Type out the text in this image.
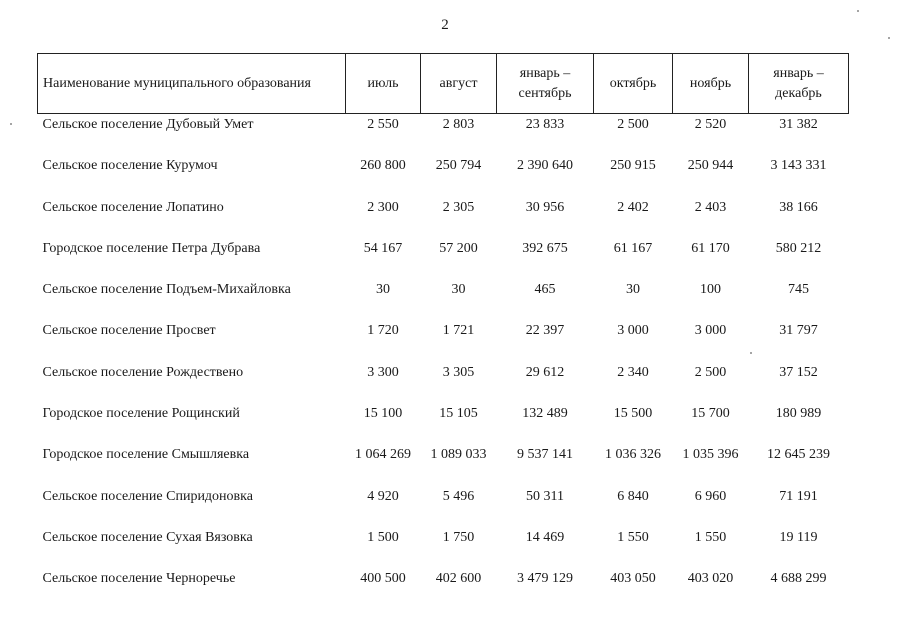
2
Наименование муниципального образования	июль	август	январь – сентябрь	октябрь	ноябрь	январь – декабрь
Сельское поселение Дубовый Умет	2 550	2 803	23 833	2 500	2 520	31 382
Сельское поселение Курумоч	260 800	250 794	2 390 640	250 915	250 944	3 143 331
Сельское поселение Лопатино	2 300	2 305	30 956	2 402	2 403	38 166
Городское поселение Петра Дубрава	54 167	57 200	392 675	61 167	61 170	580 212
Сельское поселение Подъем-Михайловка	30	30	465	30	100	745
Сельское поселение Просвет	1 720	1 721	22 397	3 000	3 000	31 797
Сельское поселение Рождествено	3 300	3 305	29 612	2 340	2 500	37 152
Городское поселение Рощинский	15 100	15 105	132 489	15 500	15 700	180 989
Городское поселение Смышляевка	1 064 269	1 089 033	9 537 141	1 036 326	1 035 396	12 645 239
Сельское поселение Спиридоновка	4 920	5 496	50 311	6 840	6 960	71 191
Сельское поселение Сухая Вязовка	1 500	1 750	14 469	1 550	1 550	19 119
Сельское поселение Черноречье	400 500	402 600	3 479 129	403 050	403 020	4 688 299
